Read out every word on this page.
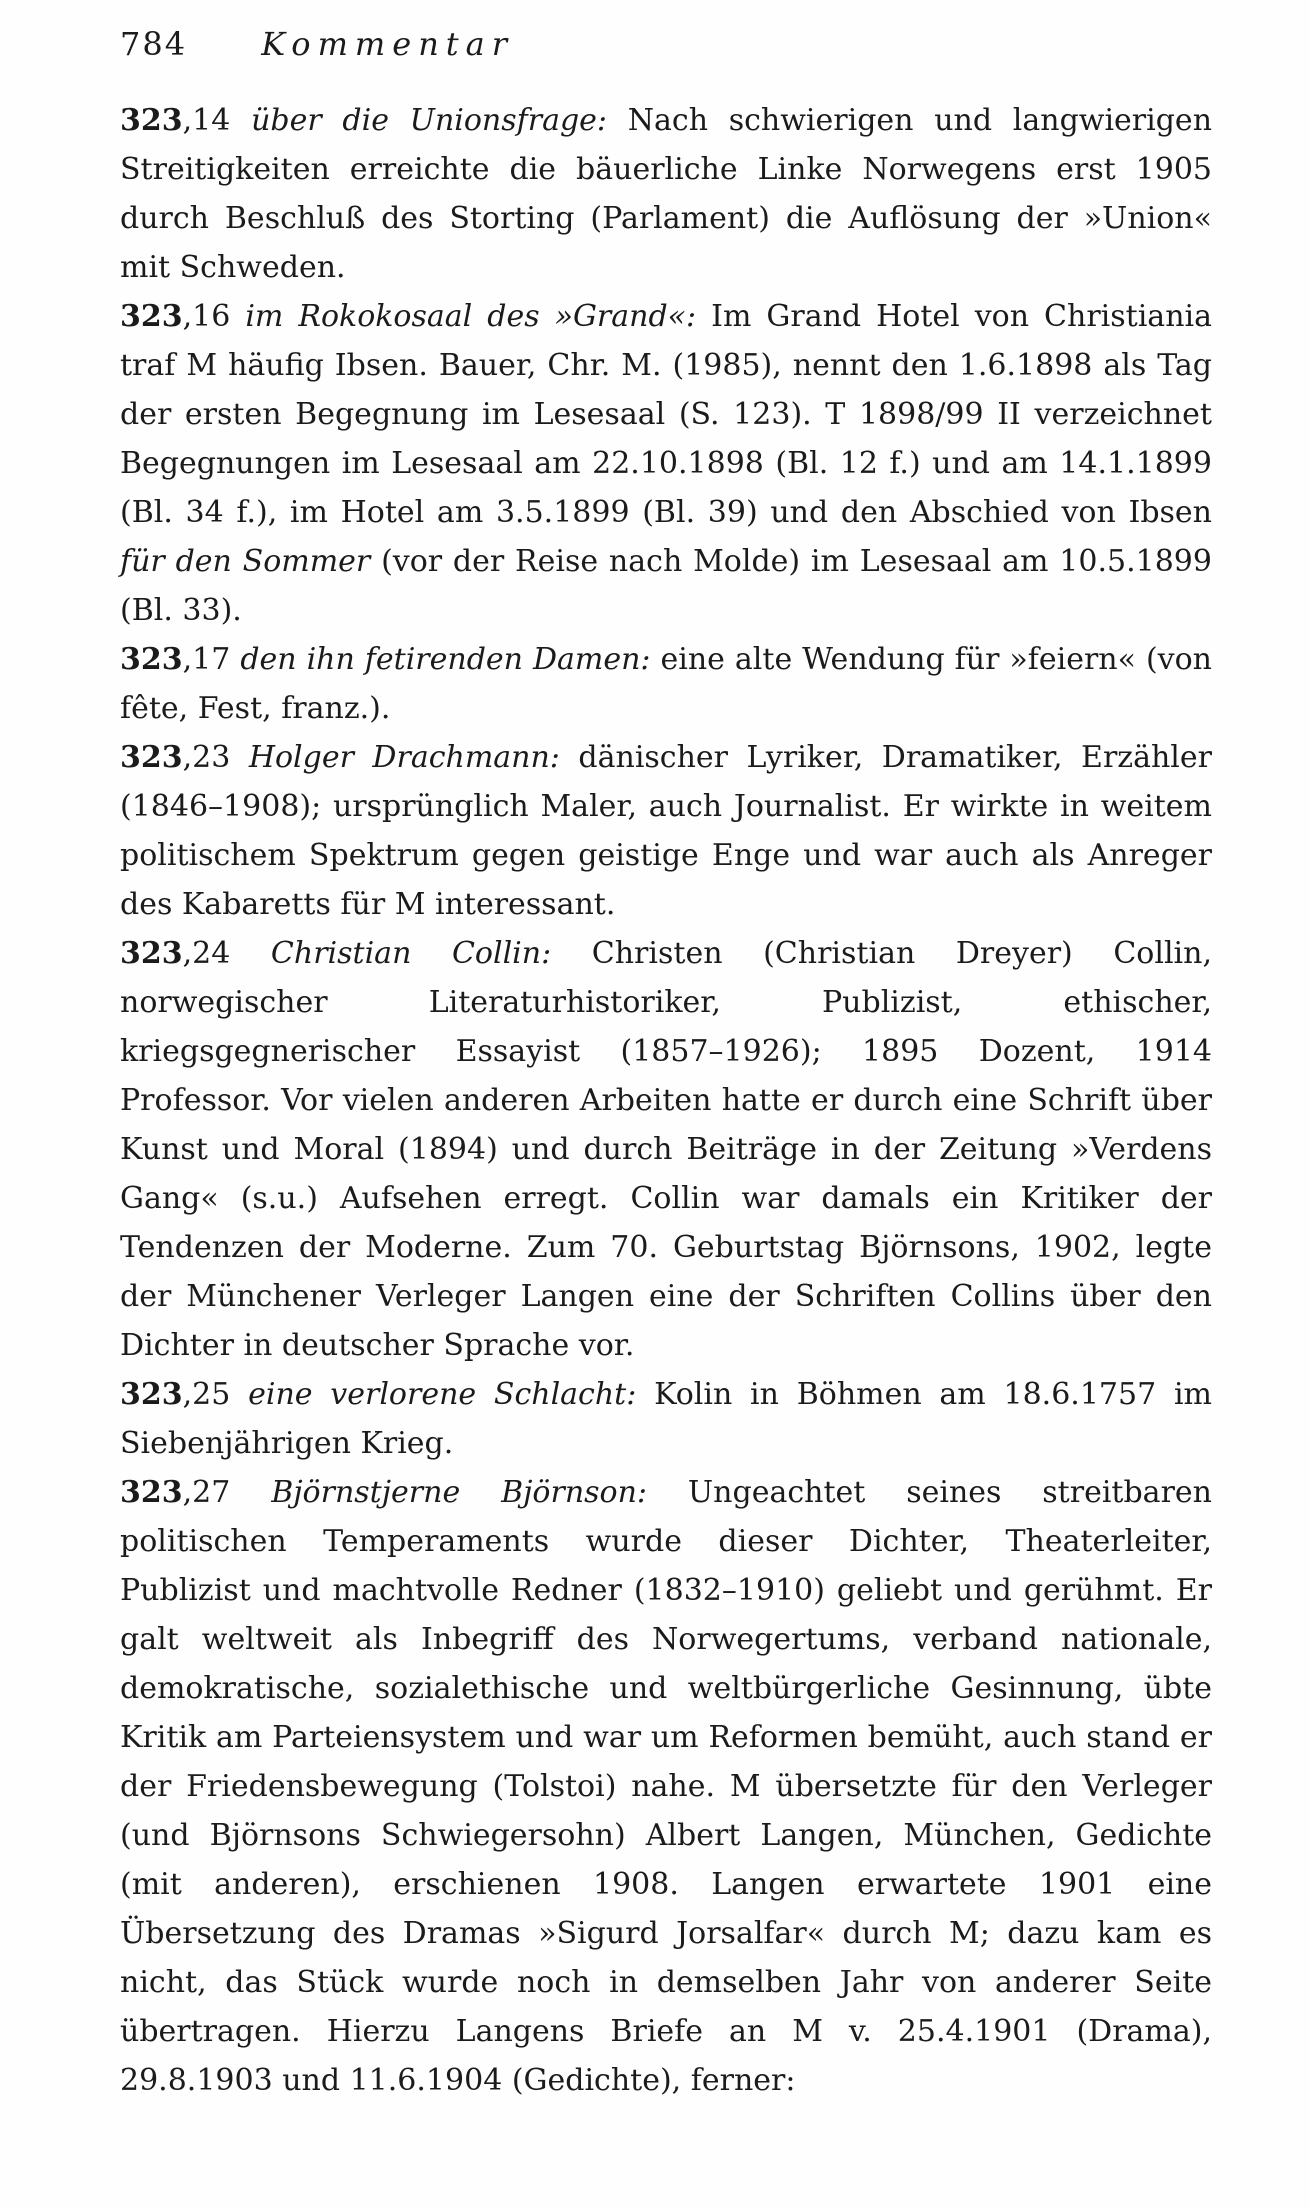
784 Kommentar

323,14 über die Unionsfrage: Nach schwierigen und langwierigen Streitigkeiten erreichte die bäuerliche Linke Norwegens erst 1905 durch Beschluß des Storting (Parlament) die Auflösung der »Union« mit Schweden.

323,16 im Rokokosaal des »Grand«: Im Grand Hotel von Christiania traf M häufig Ibsen. Bauer, Chr. M. (1985), nennt den 1.6.1898 als Tag der ersten Begegnung im Lesesaal (S. 123). T 1898/99 II verzeichnet Begegnungen im Lesesaal am 22.10.1898 (Bl. 12 f.) und am 14.1.1899 (Bl. 34 f.), im Hotel am 3.5.1899 (Bl. 39) und den Abschied von Ibsen für den Sommer (vor der Reise nach Molde) im Lesesaal am 10.5.1899 (Bl. 33).

323,17 den ihn fetirenden Damen: eine alte Wendung für »feiern« (von fête, Fest, franz.).

323,23 Holger Drachmann: dänischer Lyriker, Dramatiker, Erzähler (1846–1908); ursprünglich Maler, auch Journalist. Er wirkte in weitem politischem Spektrum gegen geistige Enge und war auch als Anreger des Kabaretts für M interessant.

323,24 Christian Collin: Christen (Christian Dreyer) Collin, norwegischer Literaturhistoriker, Publizist, ethischer, kriegsgegnerischer Essayist (1857–1926); 1895 Dozent, 1914 Professor. Vor vielen anderen Arbeiten hatte er durch eine Schrift über Kunst und Moral (1894) und durch Beiträge in der Zeitung »Verdens Gang« (s.u.) Aufsehen erregt. Collin war damals ein Kritiker der Tendenzen der Moderne. Zum 70. Geburtstag Björnsons, 1902, legte der Münchener Verleger Langen eine der Schriften Collins über den Dichter in deutscher Sprache vor.

323,25 eine verlorene Schlacht: Kolin in Böhmen am 18.6.1757 im Siebenjährigen Krieg.

323,27 Björnstjerne Björnson: Ungeachtet seines streitbaren politischen Temperaments wurde dieser Dichter, Theaterleiter, Publizist und machtvolle Redner (1832–1910) geliebt und gerühmt. Er galt weltweit als Inbegriff des Norwegertums, verband nationale, demokratische, sozialethische und weltbürgerliche Gesinnung, übte Kritik am Parteiensystem und war um Reformen bemüht, auch stand er der Friedensbewegung (Tolstoi) nahe. M übersetzte für den Verleger (und Björnsons Schwiegersohn) Albert Langen, München, Gedichte (mit anderen), erschienen 1908. Langen erwartete 1901 eine Übersetzung des Dramas »Sigurd Jorsalfar« durch M; dazu kam es nicht, das Stück wurde noch in demselben Jahr von anderer Seite übertragen. Hierzu Langens Briefe an M v. 25.4.1901 (Drama), 29.8.1903 und 11.6.1904 (Gedichte), ferner:
